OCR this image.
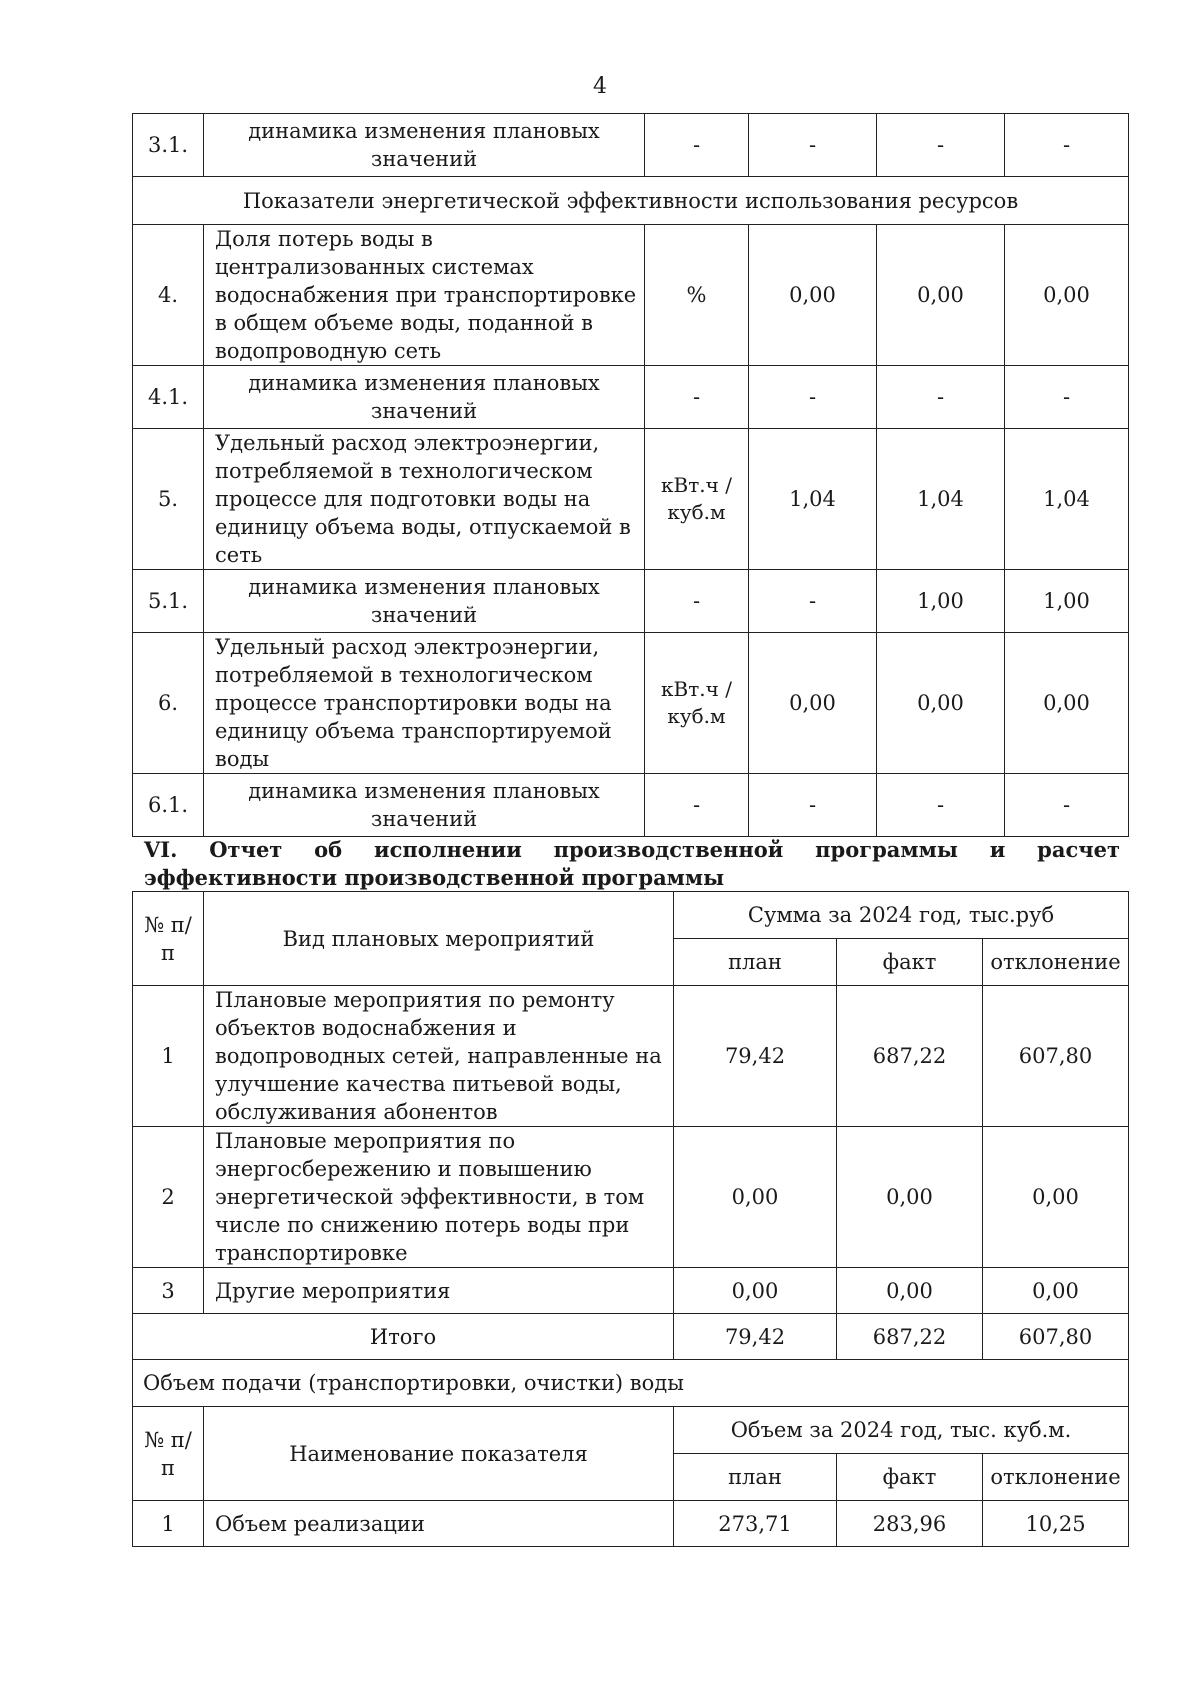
4
3.1.	динамика изменения плановых значений	-	-	-	-
Показатели энергетической эффективности использования ресурсов					
4.	Доля потерь воды в централизованных системах водоснабжения при транспортировке в общем объеме воды, поданной в водопроводную сеть	%	0,00	0,00	0,00
4.1.	динамика изменения плановых значений	-	-	-	-
5.	Удельный расход электроэнергии, потребляемой в технологическом процессе для подготовки воды на единицу объема воды, отпускаемой в сеть	кВт.ч / куб.м	1,04	1,04	1,04
5.1.	динамика изменения плановых значений	-	-	1,00	1,00
6.	Удельный расход электроэнергии, потребляемой в технологическом процессе транспортировки воды на единицу объема транспортируемой воды	кВт.ч / куб.м	0,00	0,00	0,00
6.1.	динамика изменения плановых значений	-	-	-	-
VI. Отчет об исполнении производственной программы и расчет эффективности производственной программы
№ п/п	Вид плановых мероприятий	Сумма за 2024 год, тыс.руб		
		план	факт	отклонение
1	Плановые мероприятия по ремонту объектов водоснабжения и водопроводных сетей, направленные на улучшение качества питьевой воды, обслуживания абонентов	79,42	687,22	607,80
2	Плановые мероприятия по энергосбережению и повышению энергетической эффективности, в том числе по снижению потерь воды при транспортировке	0,00	0,00	0,00
3	Другие мероприятия	0,00	0,00	0,00
Итого		79,42	687,22	607,80
Объем подачи (транспортировки, очистки) воды				
№ п/п	Наименование показателя	Объем за 2024 год, тыс. куб.м.		
		план	факт	отклонение
1	Объем реализации	273,71	283,96	10,25
